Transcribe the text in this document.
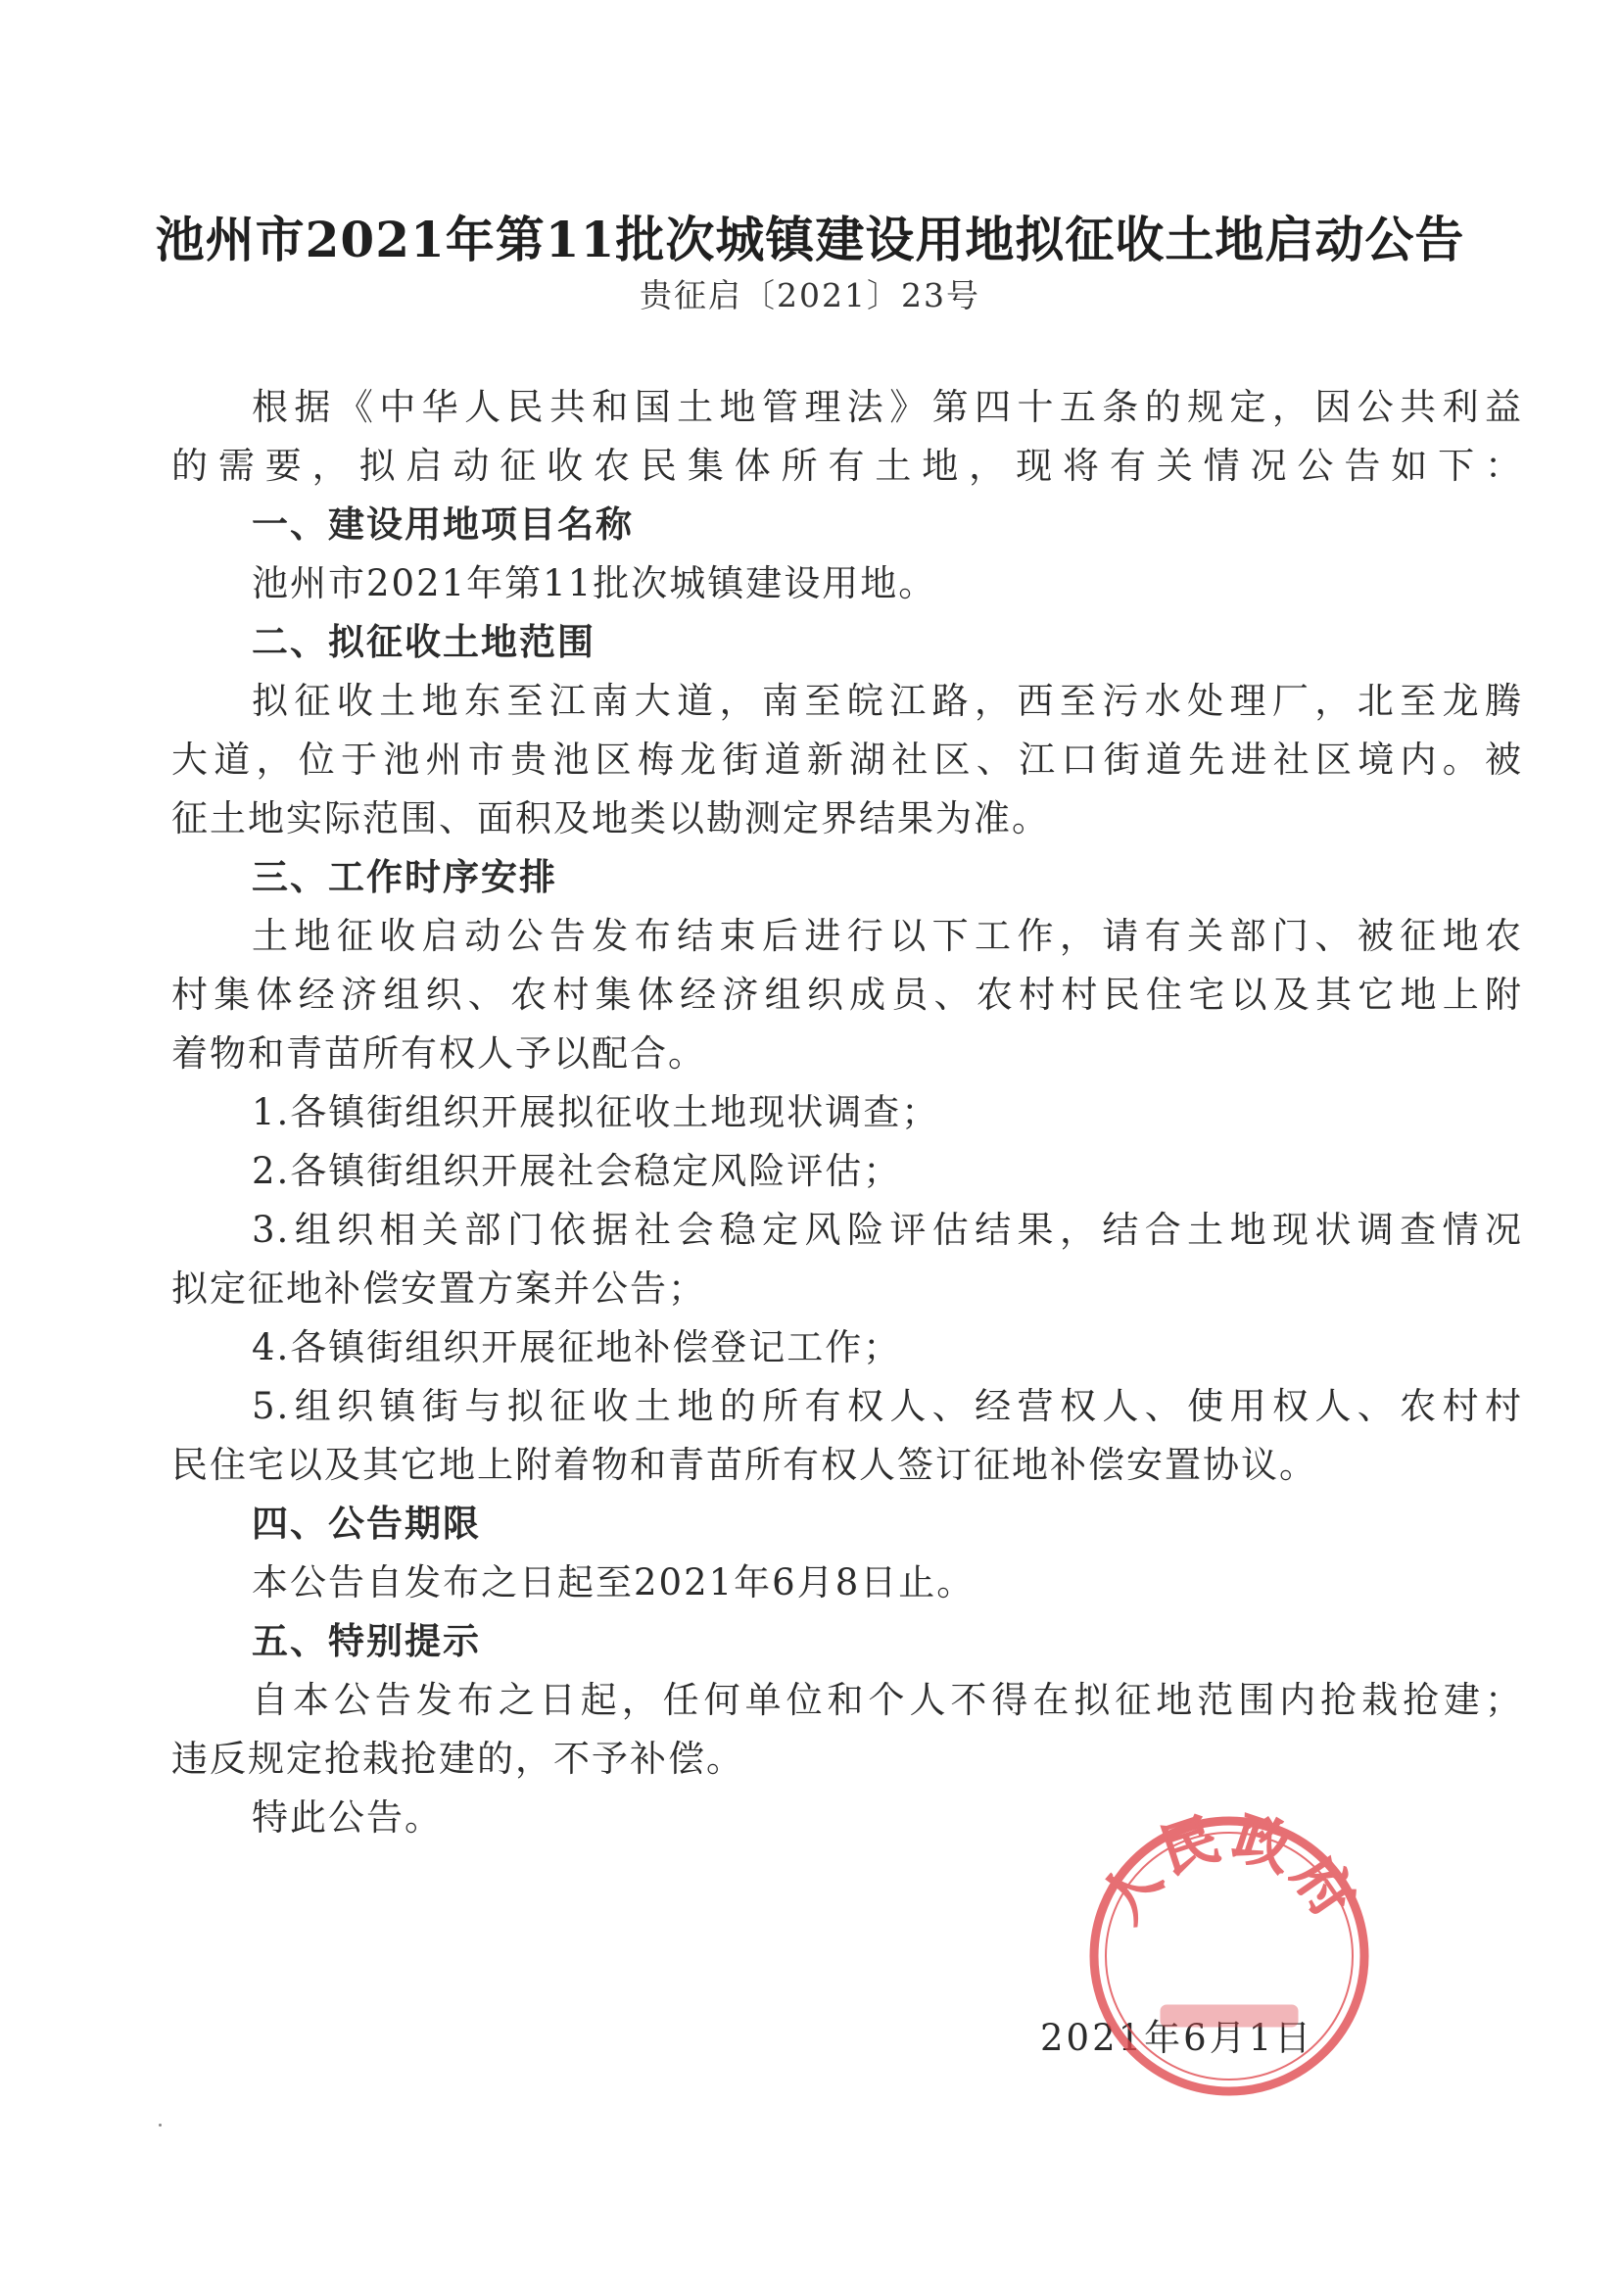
池州市2021年第11批次城镇建设用地拟征收土地启动公告
贵征启〔2021〕23号
根据《中华人民共和国土地管理法》第四十五条的规定，因公共利益
的需要，拟启动征收农民集体所有土地，现将有关情况公告如下：
一、建设用地项目名称
池州市2021年第11批次城镇建设用地。
二、拟征收土地范围
拟征收土地东至江南大道，南至皖江路，西至污水处理厂，北至龙腾
大道，位于池州市贵池区梅龙街道新湖社区、江口街道先进社区境内。被
征土地实际范围、面积及地类以勘测定界结果为准。
三、工作时序安排
土地征收启动公告发布结束后进行以下工作，请有关部门、被征地农
村集体经济组织、农村集体经济组织成员、农村村民住宅以及其它地上附
着物和青苗所有权人予以配合。
1.各镇街组织开展拟征收土地现状调查；
2.各镇街组织开展社会稳定风险评估；
3.组织相关部门依据社会稳定风险评估结果，结合土地现状调查情况
拟定征地补偿安置方案并公告；
4.各镇街组织开展征地补偿登记工作；
5.组织镇街与拟征收土地的所有权人、经营权人、使用权人、农村村
民住宅以及其它地上附着物和青苗所有权人签订征地补偿安置协议。
四、公告期限
本公告自发布之日起至2021年6月8日止。
五、特别提示
自本公告发布之日起，任何单位和个人不得在拟征地范围内抢栽抢建；
违反规定抢栽抢建的，不予补偿。
特此公告。
2021年6月1日
人民政府
